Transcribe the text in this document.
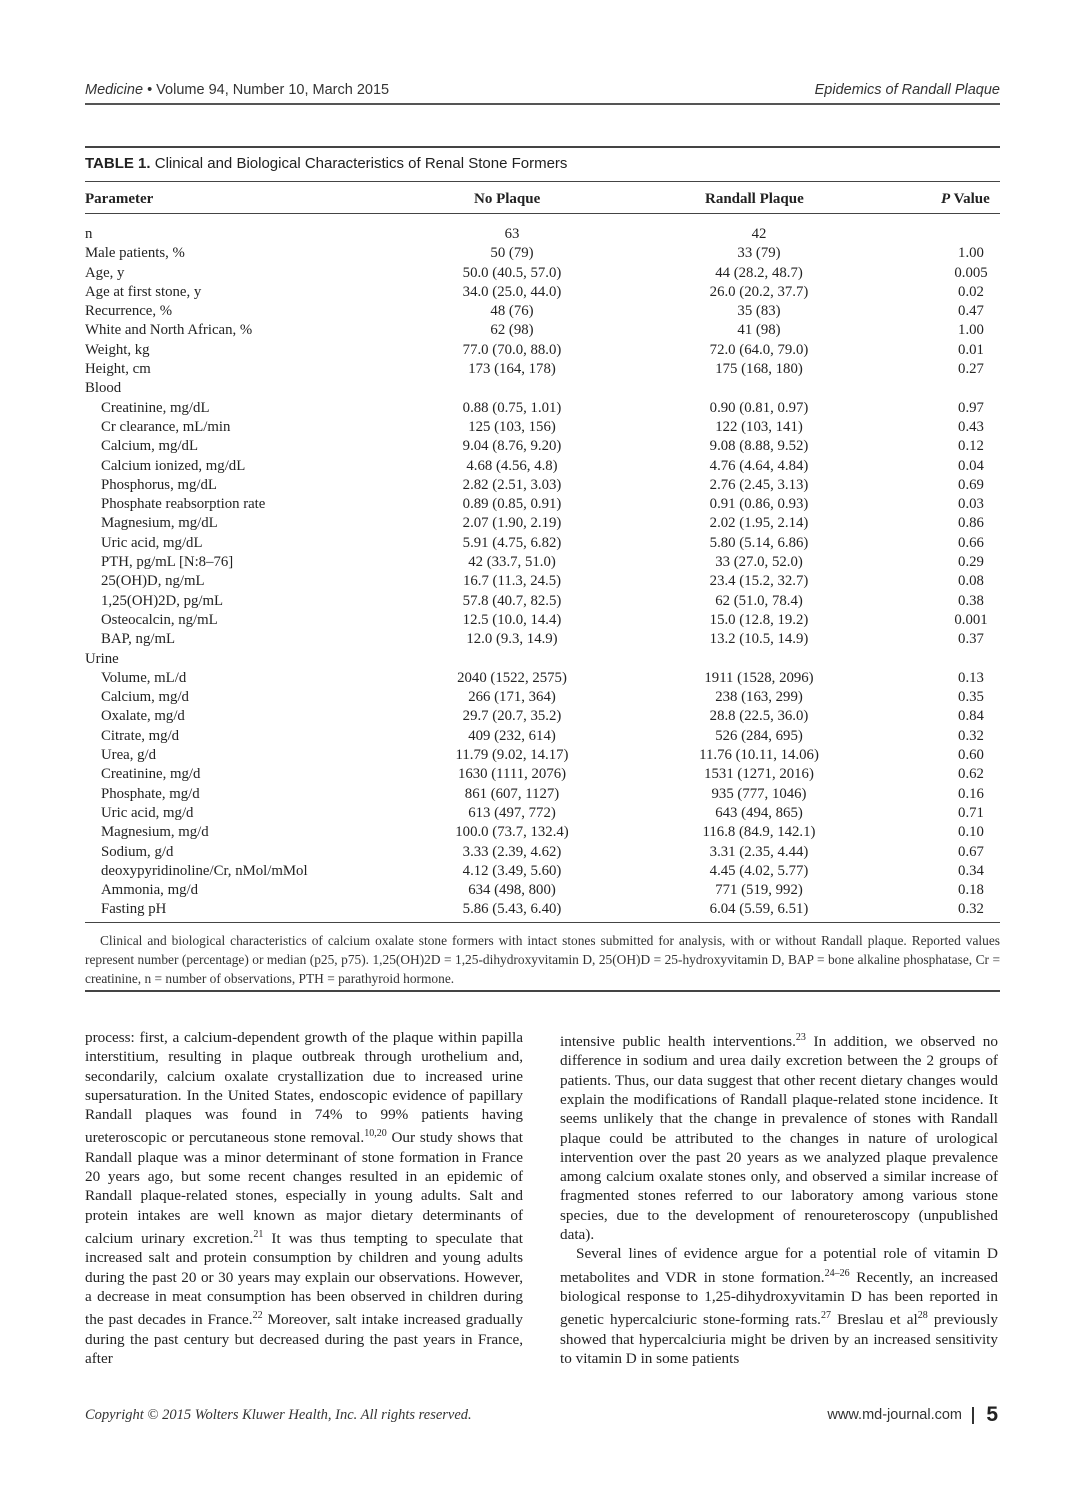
Medicine • Volume 94, Number 10, March 2015	Epidemics of Randall Plaque
TABLE 1. Clinical and Biological Characteristics of Renal Stone Formers
Parameter	No Plaque	Randall Plaque	P Value
n	63	42
Male patients, %	50 (79)	33 (79)	1.00
Age, y	50.0 (40.5, 57.0)	44 (28.2, 48.7)	0.005
Age at first stone, y	34.0 (25.0, 44.0)	26.0 (20.2, 37.7)	0.02
Recurrence, %	48 (76)	35 (83)	0.47
White and North African, %	62 (98)	41 (98)	1.00
Weight, kg	77.0 (70.0, 88.0)	72.0 (64.0, 79.0)	0.01
Height, cm	173 (164, 178)	175 (168, 180)	0.27
Blood
Creatinine, mg/dL	0.88 (0.75, 1.01)	0.90 (0.81, 0.97)	0.97
Cr clearance, mL/min	125 (103, 156)	122 (103, 141)	0.43
Calcium, mg/dL	9.04 (8.76, 9.20)	9.08 (8.88, 9.52)	0.12
Calcium ionized, mg/dL	4.68 (4.56, 4.8)	4.76 (4.64, 4.84)	0.04
Phosphorus, mg/dL	2.82 (2.51, 3.03)	2.76 (2.45, 3.13)	0.69
Phosphate reabsorption rate	0.89 (0.85, 0.91)	0.91 (0.86, 0.93)	0.03
Magnesium, mg/dL	2.07 (1.90, 2.19)	2.02 (1.95, 2.14)	0.86
Uric acid, mg/dL	5.91 (4.75, 6.82)	5.80 (5.14, 6.86)	0.66
PTH, pg/mL [N:8–76]	42 (33.7, 51.0)	33 (27.0, 52.0)	0.29
25(OH)D, ng/mL	16.7 (11.3, 24.5)	23.4 (15.2, 32.7)	0.08
1,25(OH)2D, pg/mL	57.8 (40.7, 82.5)	62 (51.0, 78.4)	0.38
Osteocalcin, ng/mL	12.5 (10.0, 14.4)	15.0 (12.8, 19.2)	0.001
BAP, ng/mL	12.0 (9.3, 14.9)	13.2 (10.5, 14.9)	0.37
Urine
Volume, mL/d	2040 (1522, 2575)	1911 (1528, 2096)	0.13
Calcium, mg/d	266 (171, 364)	238 (163, 299)	0.35
Oxalate, mg/d	29.7 (20.7, 35.2)	28.8 (22.5, 36.0)	0.84
Citrate, mg/d	409 (232, 614)	526 (284, 695)	0.32
Urea, g/d	11.79 (9.02, 14.17)	11.76 (10.11, 14.06)	0.60
Creatinine, mg/d	1630 (1111, 2076)	1531 (1271, 2016)	0.62
Phosphate, mg/d	861 (607, 1127)	935 (777, 1046)	0.16
Uric acid, mg/d	613 (497, 772)	643 (494, 865)	0.71
Magnesium, mg/d	100.0 (73.7, 132.4)	116.8 (84.9, 142.1)	0.10
Sodium, g/d	3.33 (2.39, 4.62)	3.31 (2.35, 4.44)	0.67
deoxypyridinoline/Cr, nMol/mMol	4.12 (3.49, 5.60)	4.45 (4.02, 5.77)	0.34
Ammonia, mg/d	634 (498, 800)	771 (519, 992)	0.18
Fasting pH	5.86 (5.43, 6.40)	6.04 (5.59, 6.51)	0.32
Clinical and biological characteristics of calcium oxalate stone formers with intact stones submitted for analysis, with or without Randall plaque. Reported values represent number (percentage) or median (p25, p75). 1,25(OH)2D = 1,25-dihydroxyvitamin D, 25(OH)D = 25-hydroxyvitamin D, BAP = bone alkaline phosphatase, Cr = creatinine, n = number of observations, PTH = parathyroid hormone.

process: first, a calcium-dependent growth of the plaque within papilla interstitium, resulting in plaque outbreak through urothelium and, secondarily, calcium oxalate crystallization due to increased urine supersaturation. In the United States, endoscopic evidence of papillary Randall plaques was found in 74% to 99% patients having ureteroscopic or percutaneous stone removal.$^{10,20}$ Our study shows that Randall plaque was a minor determinant of stone formation in France 20 years ago, but some recent changes resulted in an epidemic of Randall plaque-related stones, especially in young adults. Salt and protein intakes are well known as major dietary determinants of calcium urinary excretion.$^{21}$ It was thus tempting to speculate that increased salt and protein consumption by children and young adults during the past 20 or 30 years may explain our observations. However, a decrease in meat consumption has been observed in children during the past decades in France.$^{22}$ Moreover, salt intake increased gradually during the past century but decreased during the past years in France, after

intensive public health interventions.$^{23}$ In addition, we observed no difference in sodium and urea daily excretion between the 2 groups of patients. Thus, our data suggest that other recent dietary changes would explain the modifications of Randall plaque-related stone incidence. It seems unlikely that the change in prevalence of stones with Randall plaque could be attributed to the changes in nature of urological intervention over the past 20 years as we analyzed plaque prevalence among calcium oxalate stones only, and observed a similar increase of fragmented stones referred to our laboratory among various stone species, due to the development of renoureteroscopy (unpublished data).

Several lines of evidence argue for a potential role of vitamin D metabolites and VDR in stone formation.$^{24-26}$ Recently, an increased biological response to 1,25-dihydroxyvitamin D has been reported in genetic hypercalciuric stone-forming rats.$^{27}$ Breslau et $al^{28}$ previously showed that hypercalciuria might be driven by an increased sensitivity to vitamin D in some patients

Copyright © 2015 Wolters Kluwer Health, Inc. All rights reserved.	www.md-journal.com 5
